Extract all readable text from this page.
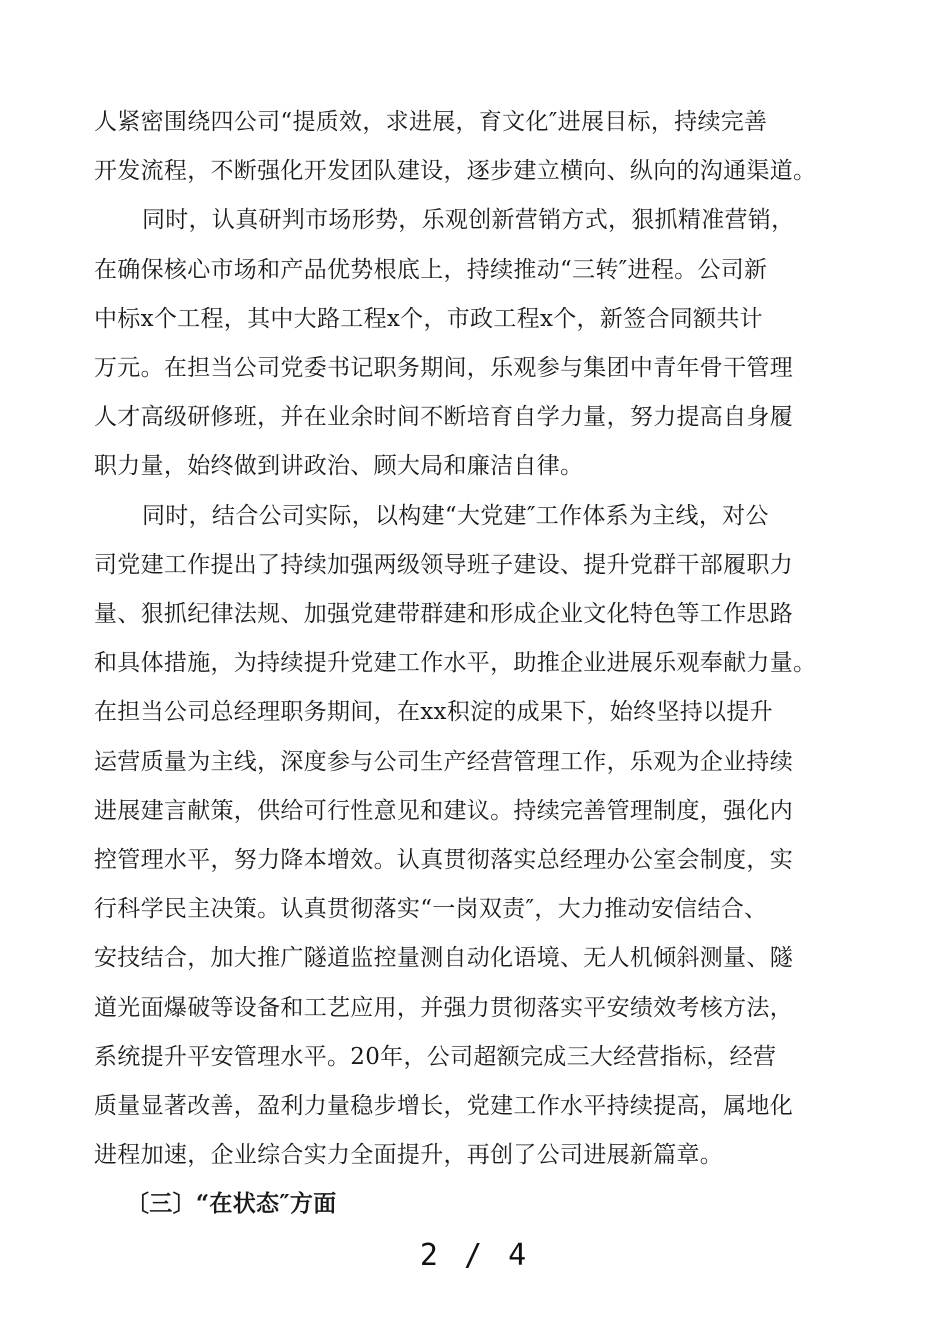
人紧密围绕四公司“提质效，求进展，育文化″进展目标，持续完善
开发流程，不断强化开发团队建设，逐步建立横向、纵向的沟通渠道。
同时，认真研判市场形势，乐观创新营销方式，狠抓精准营销，
在确保核心市场和产品优势根底上，持续推动“三转″进程。公司新
中标x个工程，其中大路工程x个，市政工程x个，新签合同额共计
万元。在担当公司党委书记职务期间，乐观参与集团中青年骨干管理
人才高级研修班，并在业余时间不断培育自学力量，努力提高自身履
职力量，始终做到讲政治、顾大局和廉洁自律。
同时，结合公司实际，以构建“大党建″工作体系为主线，对公
司党建工作提出了持续加强两级领导班子建设、提升党群干部履职力
量、狠抓纪律法规、加强党建带群建和形成企业文化特色等工作思路
和具体措施，为持续提升党建工作水平，助推企业进展乐观奉献力量。
在担当公司总经理职务期间，在xx积淀的成果下，始终坚持以提升
运营质量为主线，深度参与公司生产经营管理工作，乐观为企业持续
进展建言献策，供给可行性意见和建议。持续完善管理制度，强化内
控管理水平，努力降本增效。认真贯彻落实总经理办公室会制度，实
行科学民主决策。认真贯彻落实“一岗双责″，大力推动安信结合、
安技结合，加大推广隧道监控量测自动化语境、无人机倾斜测量、隧
道光面爆破等设备和工艺应用，并强力贯彻落实平安绩效考核方法，
系统提升平安管理水平。20年，公司超额完成三大经营指标，经营
质量显著改善，盈利力量稳步增长，党建工作水平持续提高，属地化
进程加速，企业综合实力全面提升，再创了公司进展新篇章。
〔三〕“在状态″方面
2 / 4
